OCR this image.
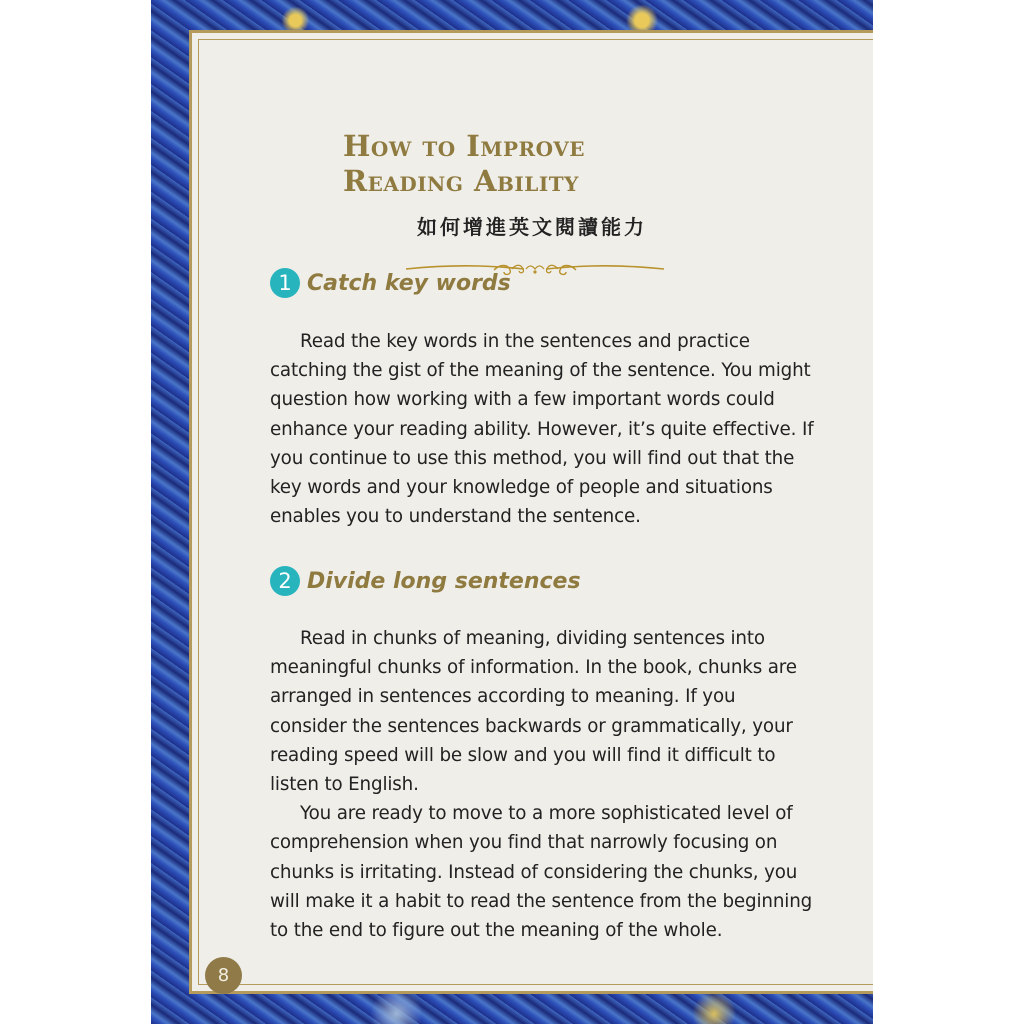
How to Improve
Reading Ability
如何增進英文閱讀能力
1 Catch key words

Read the key words in the sentences and practice catching the gist of the meaning of the sentence. You might question how working with a few important words could enhance your reading ability. However, it’s quite effective. If you continue to use this method, you will find out that the key words and your knowledge of people and situations enables you to understand the sentence.

2 Divide long sentences

Read in chunks of meaning, dividing sentences into meaningful chunks of information. In the book, chunks are arranged in sentences according to meaning. If you consider the sentences backwards or grammatically, your reading speed will be slow and you will find it difficult to listen to English.

You are ready to move to a more sophisticated level of comprehension when you find that narrowly focusing on chunks is irritating. Instead of considering the chunks, you will make it a habit to read the sentence from the beginning to the end to figure out the meaning of the whole.

8
